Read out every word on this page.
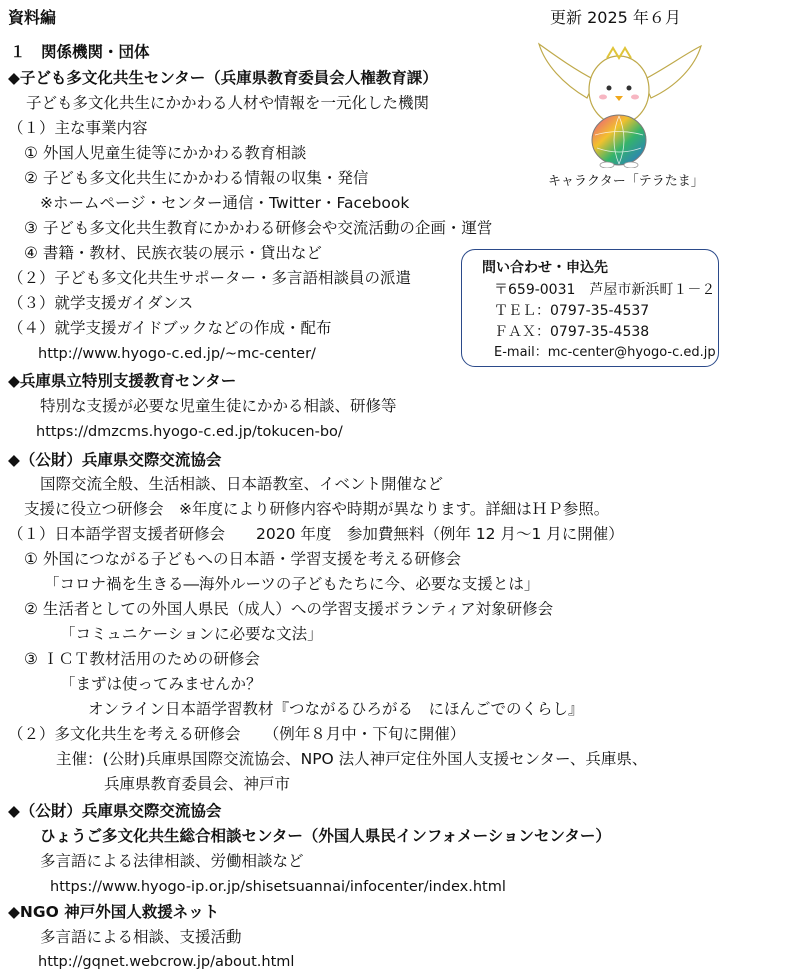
資料編	更新 2025 年６月
１　関係機関・団体
◆子ども多文化共生センター（兵庫県教育委員会人権教育課）
子ども多文化共生にかかわる人材や情報を一元化した機関
（１）主な事業内容
① 外国人児童生徒等にかかわる教育相談
② 子ども多文化共生にかかわる情報の収集・発信
※ホームページ・センター通信・Twitter・Facebook
③ 子ども多文化共生教育にかかわる研修会や交流活動の企画・運営
④ 書籍・教材、民族衣装の展示・貸出など
（２）子ども多文化共生サポーター・多言語相談員の派遣
（３）就学支援ガイダンス
（４）就学支援ガイドブックなどの作成・配布
http://www.hyogo-c.ed.jp/~mc-center/
キャラクター「テラたま」
問い合わせ・申込先
〒659-0031　芦屋市新浜町１－２
ＴＥＬ：0797-35-4537
ＦＡＸ：0797-35-4538
E-mail：mc-center@hyogo-c.ed.jp
◆兵庫県立特別支援教育センター
特別な支援が必要な児童生徒にかかる相談、研修等
https://dmzcms.hyogo-c.ed.jp/tokucen-bo/
◆（公財）兵庫県交際交流協会
国際交流全般、生活相談、日本語教室、イベント開催など
支援に役立つ研修会　※年度により研修内容や時期が異なります。詳細はＨＰ参照。
（１）日本語学習支援者研修会　　2020 年度　参加費無料（例年 12 月～1 月に開催）
① 外国につながる子どもへの日本語・学習支援を考える研修会
「コロナ禍を生きる―海外ルーツの子どもたちに今、必要な支援とは」
② 生活者としての外国人県民（成人）への学習支援ボランティア対象研修会
「コミュニケーションに必要な文法」
③ ＩＣＴ教材活用のための研修会
「まずは使ってみませんか？
オンライン日本語学習教材『つながるひろがる　にほんごでのくらし』
（２）多文化共生を考える研修会　　（例年８月中・下旬に開催）
主催：(公財)兵庫県国際交流協会、NPO 法人神戸定住外国人支援センター、兵庫県、
兵庫県教育委員会、神戸市
◆（公財）兵庫県交際交流協会
ひょうご多文化共生総合相談センター（外国人県民インフォメーションセンター）
多言語による法律相談、労働相談など
https://www.hyogo-ip.or.jp/shisetsuannai/infocenter/index.html
◆NGO 神戸外国人救援ネット
多言語による相談、支援活動
http://gqnet.webcrow.jp/about.html
